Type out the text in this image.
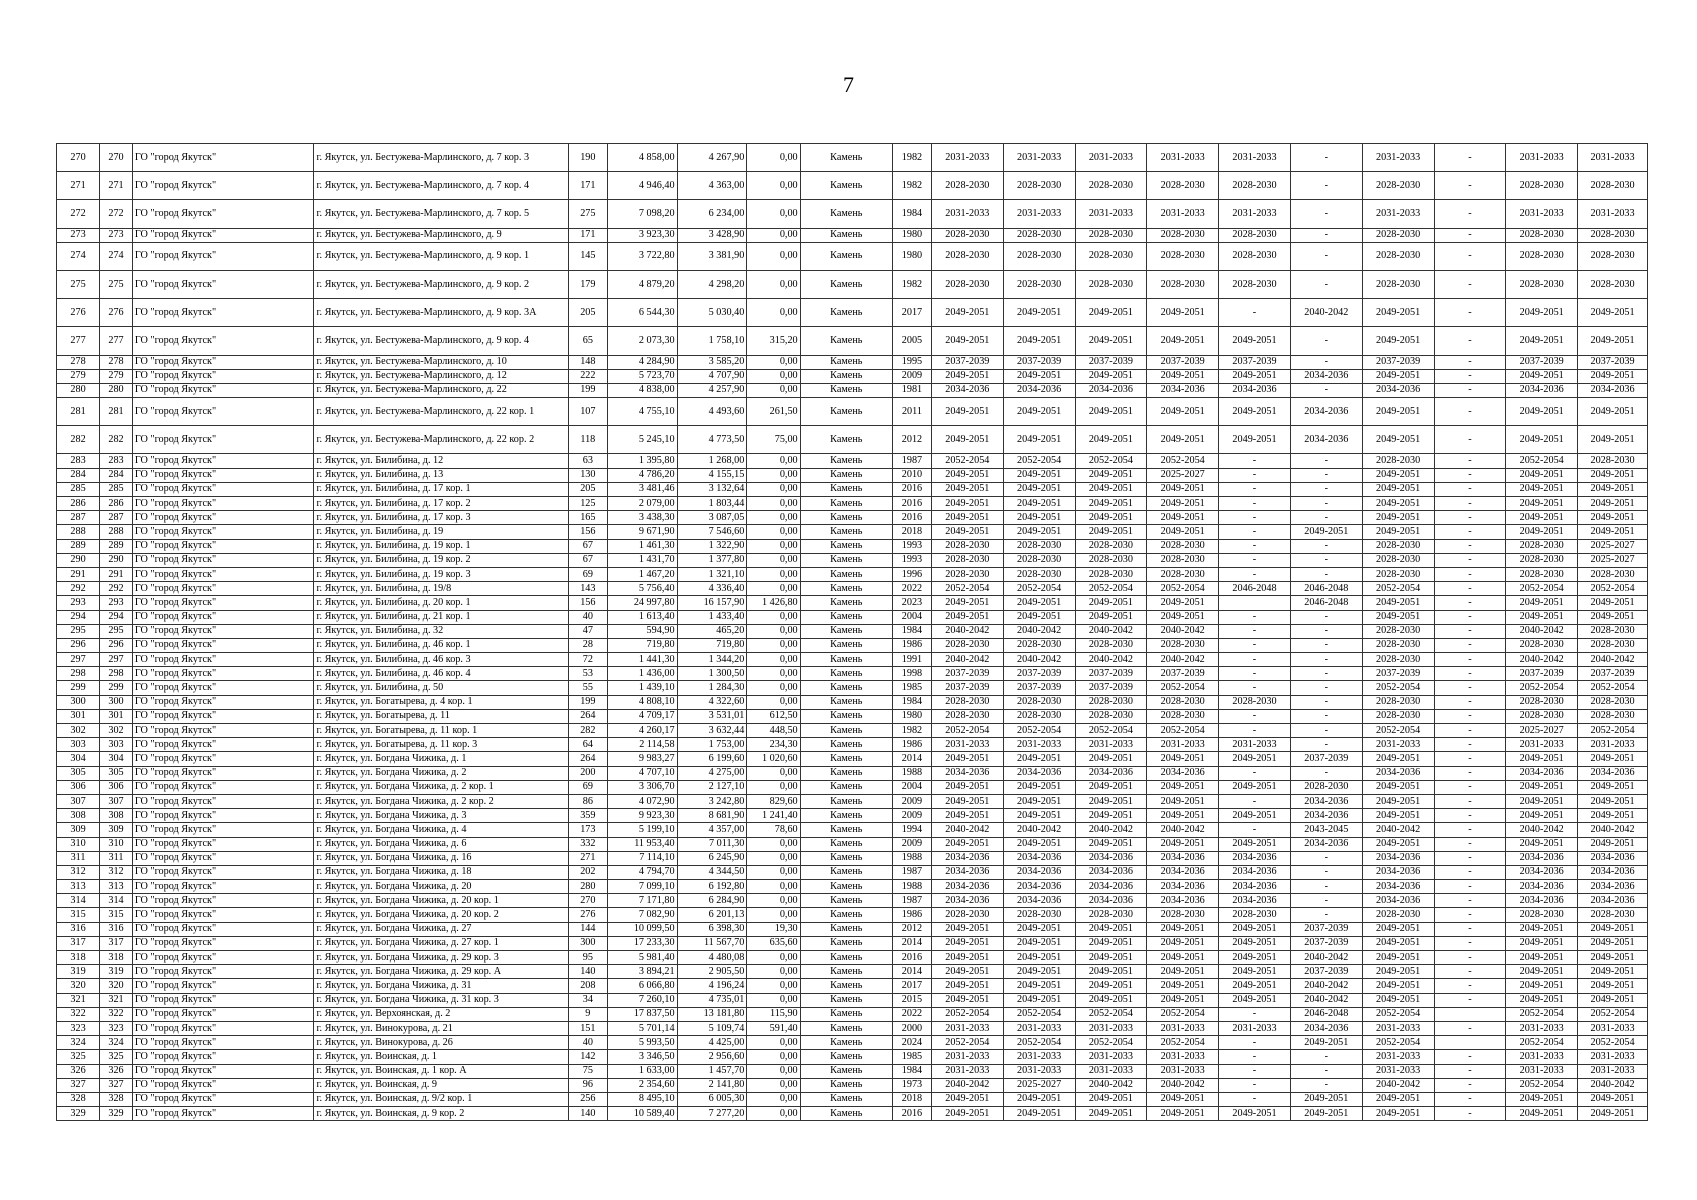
7
270	270	ГО "город Якутск"	г. Якутск, ул. Бестужева-Марлинского, д. 7 кор. 3	190	4 858,00	4 267,90	0,00	Камень	1982	2031-2033	2031-2033	2031-2033	2031-2033	2031-2033	-	2031-2033	-	2031-2033	2031-2033
271	271	ГО "город Якутск"	г. Якутск, ул. Бестужева-Марлинского, д. 7 кор. 4	171	4 946,40	4 363,00	0,00	Камень	1982	2028-2030	2028-2030	2028-2030	2028-2030	2028-2030	-	2028-2030	-	2028-2030	2028-2030
272	272	ГО "город Якутск"	г. Якутск, ул. Бестужева-Марлинского, д. 7 кор. 5	275	7 098,20	6 234,00	0,00	Камень	1984	2031-2033	2031-2033	2031-2033	2031-2033	2031-2033	-	2031-2033	-	2031-2033	2031-2033
273	273	ГО "город Якутск"	г. Якутск, ул. Бестужева-Марлинского, д. 9	171	3 923,30	3 428,90	0,00	Камень	1980	2028-2030	2028-2030	2028-2030	2028-2030	2028-2030	-	2028-2030	-	2028-2030	2028-2030
274	274	ГО "город Якутск"	г. Якутск, ул. Бестужева-Марлинского, д. 9 кор. 1	145	3 722,80	3 381,90	0,00	Камень	1980	2028-2030	2028-2030	2028-2030	2028-2030	2028-2030	-	2028-2030	-	2028-2030	2028-2030
275	275	ГО "город Якутск"	г. Якутск, ул. Бестужева-Марлинского, д. 9 кор. 2	179	4 879,20	4 298,20	0,00	Камень	1982	2028-2030	2028-2030	2028-2030	2028-2030	2028-2030	-	2028-2030	-	2028-2030	2028-2030
276	276	ГО "город Якутск"	г. Якутск, ул. Бестужева-Марлинского, д. 9 кор. 3А	205	6 544,30	5 030,40	0,00	Камень	2017	2049-2051	2049-2051	2049-2051	2049-2051	-	2040-2042	2049-2051	-	2049-2051	2049-2051
277	277	ГО "город Якутск"	г. Якутск, ул. Бестужева-Марлинского, д. 9 кор. 4	65	2 073,30	1 758,10	315,20	Камень	2005	2049-2051	2049-2051	2049-2051	2049-2051	2049-2051	-	2049-2051	-	2049-2051	2049-2051
278	278	ГО "город Якутск"	г. Якутск, ул. Бестужева-Марлинского, д. 10	148	4 284,90	3 585,20	0,00	Камень	1995	2037-2039	2037-2039	2037-2039	2037-2039	2037-2039	-	2037-2039	-	2037-2039	2037-2039
279	279	ГО "город Якутск"	г. Якутск, ул. Бестужева-Марлинского, д. 12	222	5 723,70	4 707,90	0,00	Камень	2009	2049-2051	2049-2051	2049-2051	2049-2051	2049-2051	2034-2036	2049-2051	-	2049-2051	2049-2051
280	280	ГО "город Якутск"	г. Якутск, ул. Бестужева-Марлинского, д. 22	199	4 838,00	4 257,90	0,00	Камень	1981	2034-2036	2034-2036	2034-2036	2034-2036	2034-2036	-	2034-2036	-	2034-2036	2034-2036
281	281	ГО "город Якутск"	г. Якутск, ул. Бестужева-Марлинского, д. 22 кор. 1	107	4 755,10	4 493,60	261,50	Камень	2011	2049-2051	2049-2051	2049-2051	2049-2051	2049-2051	2034-2036	2049-2051	-	2049-2051	2049-2051
282	282	ГО "город Якутск"	г. Якутск, ул. Бестужева-Марлинского, д. 22 кор. 2	118	5 245,10	4 773,50	75,00	Камень	2012	2049-2051	2049-2051	2049-2051	2049-2051	2049-2051	2034-2036	2049-2051	-	2049-2051	2049-2051
283	283	ГО "город Якутск"	г. Якутск, ул. Билибина, д. 12	63	1 395,80	1 268,00	0,00	Камень	1987	2052-2054	2052-2054	2052-2054	2052-2054	-	-	2028-2030	-	2052-2054	2028-2030
284	284	ГО "город Якутск"	г. Якутск, ул. Билибина, д. 13	130	4 786,20	4 155,15	0,00	Камень	2010	2049-2051	2049-2051	2049-2051	2025-2027	-	-	2049-2051	-	2049-2051	2049-2051
285	285	ГО "город Якутск"	г. Якутск, ул. Билибина, д. 17 кор. 1	205	3 481,46	3 132,64	0,00	Камень	2016	2049-2051	2049-2051	2049-2051	2049-2051	-	-	2049-2051	-	2049-2051	2049-2051
286	286	ГО "город Якутск"	г. Якутск, ул. Билибина, д. 17 кор. 2	125	2 079,00	1 803,44	0,00	Камень	2016	2049-2051	2049-2051	2049-2051	2049-2051	-	-	2049-2051	-	2049-2051	2049-2051
287	287	ГО "город Якутск"	г. Якутск, ул. Билибина, д. 17 кор. 3	165	3 438,30	3 087,05	0,00	Камень	2016	2049-2051	2049-2051	2049-2051	2049-2051	-	-	2049-2051	-	2049-2051	2049-2051
288	288	ГО "город Якутск"	г. Якутск, ул. Билибина, д. 19	156	9 671,90	7 546,60	0,00	Камень	2018	2049-2051	2049-2051	2049-2051	2049-2051	-	2049-2051	2049-2051	-	2049-2051	2049-2051
289	289	ГО "город Якутск"	г. Якутск, ул. Билибина, д. 19 кор. 1	67	1 461,30	1 322,90	0,00	Камень	1993	2028-2030	2028-2030	2028-2030	2028-2030	-	-	2028-2030	-	2028-2030	2025-2027
290	290	ГО "город Якутск"	г. Якутск, ул. Билибина, д. 19 кор. 2	67	1 431,70	1 377,80	0,00	Камень	1993	2028-2030	2028-2030	2028-2030	2028-2030	-	-	2028-2030	-	2028-2030	2025-2027
291	291	ГО "город Якутск"	г. Якутск, ул. Билибина, д. 19 кор. 3	69	1 467,20	1 321,10	0,00	Камень	1996	2028-2030	2028-2030	2028-2030	2028-2030	-	-	2028-2030	-	2028-2030	2028-2030
292	292	ГО "город Якутск"	г. Якутск, ул. Билибина, д. 19/8	143	5 756,40	4 336,40	0,00	Камень	2022	2052-2054	2052-2054	2052-2054	2052-2054	2046-2048	2046-2048	2052-2054	-	2052-2054	2052-2054
293	293	ГО "город Якутск"	г. Якутск, ул. Билибина, д. 20 кор. 1	156	24 997,80	16 157,90	1 426,80	Камень	2023	2049-2051	2049-2051	2049-2051	2049-2051		2046-2048	2049-2051	-	2049-2051	2049-2051
294	294	ГО "город Якутск"	г. Якутск, ул. Билибина, д. 21 кор. 1	40	1 613,40	1 433,40	0,00	Камень	2004	2049-2051	2049-2051	2049-2051	2049-2051	-	-	2049-2051	-	2049-2051	2049-2051
295	295	ГО "город Якутск"	г. Якутск, ул. Билибина, д. 32	47	594,90	465,20	0,00	Камень	1984	2040-2042	2040-2042	2040-2042	2040-2042	-	-	2028-2030	-	2040-2042	2028-2030
296	296	ГО "город Якутск"	г. Якутск, ул. Билибина, д. 46 кор. 1	28	719,80	719,80	0,00	Камень	1986	2028-2030	2028-2030	2028-2030	2028-2030	-	-	2028-2030	-	2028-2030	2028-2030
297	297	ГО "город Якутск"	г. Якутск, ул. Билибина, д. 46 кор. 3	72	1 441,30	1 344,20	0,00	Камень	1991	2040-2042	2040-2042	2040-2042	2040-2042	-	-	2028-2030	-	2040-2042	2040-2042
298	298	ГО "город Якутск"	г. Якутск, ул. Билибина, д. 46 кор. 4	53	1 436,00	1 300,50	0,00	Камень	1998	2037-2039	2037-2039	2037-2039	2037-2039	-	-	2037-2039	-	2037-2039	2037-2039
299	299	ГО "город Якутск"	г. Якутск, ул. Билибина, д. 50	55	1 439,10	1 284,30	0,00	Камень	1985	2037-2039	2037-2039	2037-2039	2052-2054	-	-	2052-2054	-	2052-2054	2052-2054
300	300	ГО "город Якутск"	г. Якутск, ул. Богатырева, д. 4 кор. 1	199	4 808,10	4 322,60	0,00	Камень	1984	2028-2030	2028-2030	2028-2030	2028-2030	2028-2030	-	2028-2030	-	2028-2030	2028-2030
301	301	ГО "город Якутск"	г. Якутск, ул. Богатырева, д. 11	264	4 709,17	3 531,01	612,50	Камень	1980	2028-2030	2028-2030	2028-2030	2028-2030	-	-	2028-2030	-	2028-2030	2028-2030
302	302	ГО "город Якутск"	г. Якутск, ул. Богатырева, д. 11 кор. 1	282	4 260,17	3 632,44	448,50	Камень	1982	2052-2054	2052-2054	2052-2054	2052-2054	-	-	2052-2054	-	2025-2027	2052-2054
303	303	ГО "город Якутск"	г. Якутск, ул. Богатырева, д. 11 кор. 3	64	2 114,58	1 753,00	234,30	Камень	1986	2031-2033	2031-2033	2031-2033	2031-2033	2031-2033	-	2031-2033	-	2031-2033	2031-2033
304	304	ГО "город Якутск"	г. Якутск, ул. Богдана Чижика, д. 1	264	9 983,27	6 199,60	1 020,60	Камень	2014	2049-2051	2049-2051	2049-2051	2049-2051	2049-2051	2037-2039	2049-2051	-	2049-2051	2049-2051
305	305	ГО "город Якутск"	г. Якутск, ул. Богдана Чижика, д. 2	200	4 707,10	4 275,00	0,00	Камень	1988	2034-2036	2034-2036	2034-2036	2034-2036	-	-	2034-2036	-	2034-2036	2034-2036
306	306	ГО "город Якутск"	г. Якутск, ул. Богдана Чижика, д. 2 кор. 1	69	3 306,70	2 127,10	0,00	Камень	2004	2049-2051	2049-2051	2049-2051	2049-2051	2049-2051	2028-2030	2049-2051	-	2049-2051	2049-2051
307	307	ГО "город Якутск"	г. Якутск, ул. Богдана Чижика, д. 2 кор. 2	86	4 072,90	3 242,80	829,60	Камень	2009	2049-2051	2049-2051	2049-2051	2049-2051	-	2034-2036	2049-2051	-	2049-2051	2049-2051
308	308	ГО "город Якутск"	г. Якутск, ул. Богдана Чижика, д. 3	359	9 923,30	8 681,90	1 241,40	Камень	2009	2049-2051	2049-2051	2049-2051	2049-2051	2049-2051	2034-2036	2049-2051	-	2049-2051	2049-2051
309	309	ГО "город Якутск"	г. Якутск, ул. Богдана Чижика, д. 4	173	5 199,10	4 357,00	78,60	Камень	1994	2040-2042	2040-2042	2040-2042	2040-2042	-	2043-2045	2040-2042	-	2040-2042	2040-2042
310	310	ГО "город Якутск"	г. Якутск, ул. Богдана Чижика, д. 6	332	11 953,40	7 011,30	0,00	Камень	2009	2049-2051	2049-2051	2049-2051	2049-2051	2049-2051	2034-2036	2049-2051	-	2049-2051	2049-2051
311	311	ГО "город Якутск"	г. Якутск, ул. Богдана Чижика, д. 16	271	7 114,10	6 245,90	0,00	Камень	1988	2034-2036	2034-2036	2034-2036	2034-2036	2034-2036	-	2034-2036	-	2034-2036	2034-2036
312	312	ГО "город Якутск"	г. Якутск, ул. Богдана Чижика, д. 18	202	4 794,70	4 344,50	0,00	Камень	1987	2034-2036	2034-2036	2034-2036	2034-2036	2034-2036	-	2034-2036	-	2034-2036	2034-2036
313	313	ГО "город Якутск"	г. Якутск, ул. Богдана Чижика, д. 20	280	7 099,10	6 192,80	0,00	Камень	1988	2034-2036	2034-2036	2034-2036	2034-2036	2034-2036	-	2034-2036	-	2034-2036	2034-2036
314	314	ГО "город Якутск"	г. Якутск, ул. Богдана Чижика, д. 20 кор. 1	270	7 171,80	6 284,90	0,00	Камень	1987	2034-2036	2034-2036	2034-2036	2034-2036	2034-2036	-	2034-2036	-	2034-2036	2034-2036
315	315	ГО "город Якутск"	г. Якутск, ул. Богдана Чижика, д. 20 кор. 2	276	7 082,90	6 201,13	0,00	Камень	1986	2028-2030	2028-2030	2028-2030	2028-2030	2028-2030	-	2028-2030	-	2028-2030	2028-2030
316	316	ГО "город Якутск"	г. Якутск, ул. Богдана Чижика, д. 27	144	10 099,50	6 398,30	19,30	Камень	2012	2049-2051	2049-2051	2049-2051	2049-2051	2049-2051	2037-2039	2049-2051	-	2049-2051	2049-2051
317	317	ГО "город Якутск"	г. Якутск, ул. Богдана Чижика, д. 27 кор. 1	300	17 233,30	11 567,70	635,60	Камень	2014	2049-2051	2049-2051	2049-2051	2049-2051	2049-2051	2037-2039	2049-2051	-	2049-2051	2049-2051
318	318	ГО "город Якутск"	г. Якутск, ул. Богдана Чижика, д. 29 кор. 3	95	5 981,40	4 480,08	0,00	Камень	2016	2049-2051	2049-2051	2049-2051	2049-2051	2049-2051	2040-2042	2049-2051	-	2049-2051	2049-2051
319	319	ГО "город Якутск"	г. Якутск, ул. Богдана Чижика, д. 29 кор. А	140	3 894,21	2 905,50	0,00	Камень	2014	2049-2051	2049-2051	2049-2051	2049-2051	2049-2051	2037-2039	2049-2051	-	2049-2051	2049-2051
320	320	ГО "город Якутск"	г. Якутск, ул. Богдана Чижика, д. 31	208	6 066,80	4 196,24	0,00	Камень	2017	2049-2051	2049-2051	2049-2051	2049-2051	2049-2051	2040-2042	2049-2051	-	2049-2051	2049-2051
321	321	ГО "город Якутск"	г. Якутск, ул. Богдана Чижика, д. 31 кор. 3	34	7 260,10	4 735,01	0,00	Камень	2015	2049-2051	2049-2051	2049-2051	2049-2051	2049-2051	2040-2042	2049-2051	-	2049-2051	2049-2051
322	322	ГО "город Якутск"	г. Якутск, ул. Верхоянская, д. 2	9	17 837,50	13 181,80	115,90	Камень	2022	2052-2054	2052-2054	2052-2054	2052-2054	-	2046-2048	2052-2054		2052-2054	2052-2054
323	323	ГО "город Якутск"	г. Якутск, ул. Винокурова, д. 21	151	5 701,14	5 109,74	591,40	Камень	2000	2031-2033	2031-2033	2031-2033	2031-2033	2031-2033	2034-2036	2031-2033	-	2031-2033	2031-2033
324	324	ГО "город Якутск"	г. Якутск, ул. Винокурова, д. 26	40	5 993,50	4 425,00	0,00	Камень	2024	2052-2054	2052-2054	2052-2054	2052-2054	-	2049-2051	2052-2054		2052-2054	2052-2054
325	325	ГО "город Якутск"	г. Якутск, ул. Воинская, д. 1	142	3 346,50	2 956,60	0,00	Камень	1985	2031-2033	2031-2033	2031-2033	2031-2033	-	-	2031-2033	-	2031-2033	2031-2033
326	326	ГО "город Якутск"	г. Якутск, ул. Воинская, д. 1 кор. А	75	1 633,00	1 457,70	0,00	Камень	1984	2031-2033	2031-2033	2031-2033	2031-2033	-	-	2031-2033	-	2031-2033	2031-2033
327	327	ГО "город Якутск"	г. Якутск, ул. Воинская, д. 9	96	2 354,60	2 141,80	0,00	Камень	1973	2040-2042	2025-2027	2040-2042	2040-2042	-	-	2040-2042	-	2052-2054	2040-2042
328	328	ГО "город Якутск"	г. Якутск, ул. Воинская, д. 9/2 кор. 1	256	8 495,10	6 005,30	0,00	Камень	2018	2049-2051	2049-2051	2049-2051	2049-2051	-	2049-2051	2049-2051	-	2049-2051	2049-2051
329	329	ГО "город Якутск"	г. Якутск, ул. Воинская, д. 9 кор. 2	140	10 589,40	7 277,20	0,00	Камень	2016	2049-2051	2049-2051	2049-2051	2049-2051	2049-2051	2049-2051	2049-2051	-	2049-2051	2049-2051
